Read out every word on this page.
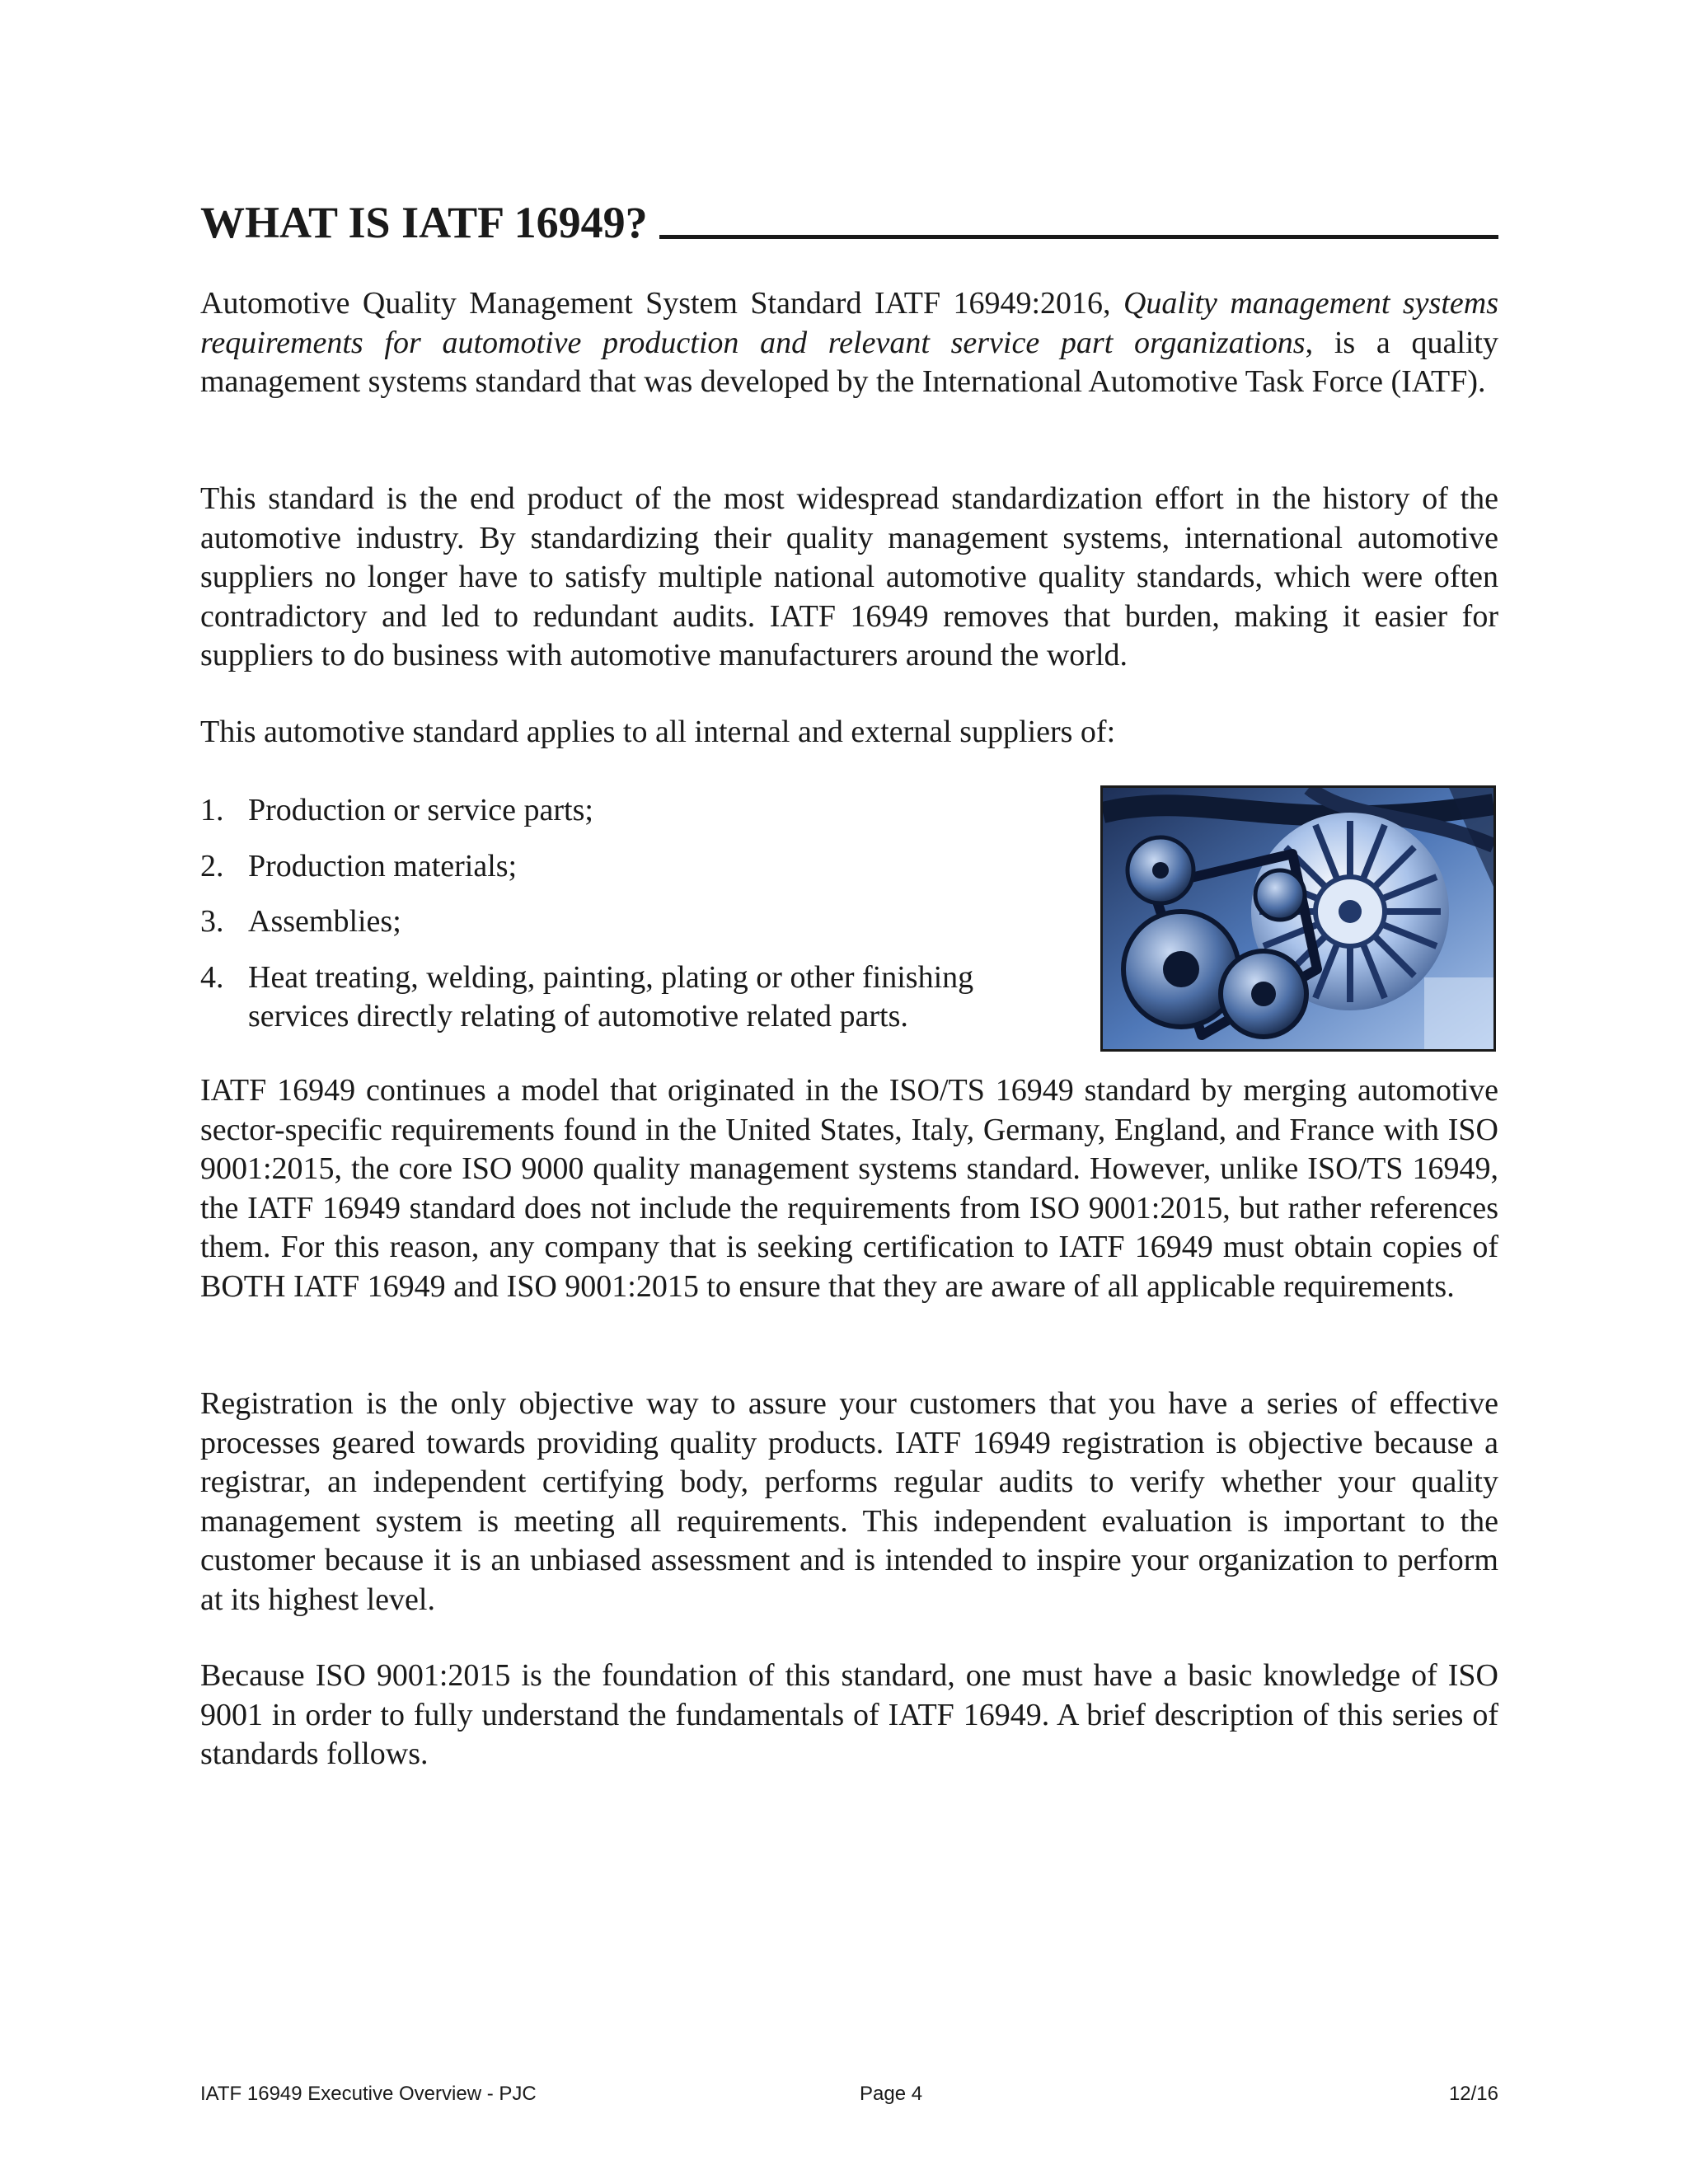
WHAT IS IATF 16949?

Automotive Quality Management System Standard IATF 16949:2016, Quality management systems requirements for automotive production and relevant service part organizations, is a quality management systems standard that was developed by the International Automotive Task Force (IATF).

This standard is the end product of the most widespread standardization effort in the history of the automotive industry. By standardizing their quality management systems, international automotive suppliers no longer have to satisfy multiple national automotive quality standards, which were often contradictory and led to redundant audits. IATF 16949 removes that burden, making it easier for suppliers to do business with automotive manufacturers around the world.

This automotive standard applies to all internal and external suppliers of:

1. Production or service parts;
2. Production materials;
3. Assemblies;
4. Heat treating, welding, painting, plating or other finishing services directly relating of automotive related parts.

IATF 16949 continues a model that originated in the ISO/TS 16949 standard by merging automotive sector-specific requirements found in the United States, Italy, Germany, England, and France with ISO 9001:2015, the core ISO 9000 quality management systems standard. However, unlike ISO/TS 16949, the IATF 16949 standard does not include the requirements from ISO 9001:2015, but rather references them. For this reason, any company that is seeking certification to IATF 16949 must obtain copies of BOTH IATF 16949 and ISO 9001:2015 to ensure that they are aware of all applicable requirements.

Registration is the only objective way to assure your customers that you have a series of effective processes geared towards providing quality products. IATF 16949 registration is objective because a registrar, an independent certifying body, performs regular audits to verify whether your quality management system is meeting all requirements. This independent evaluation is important to the customer because it is an unbiased assessment and is intended to inspire your organization to perform at its highest level.

Because ISO 9001:2015 is the foundation of this standard, one must have a basic knowledge of ISO 9001 in order to fully understand the fundamentals of IATF 16949. A brief description of this series of standards follows.

IATF 16949 Executive Overview - PJC	Page 4	12/16
